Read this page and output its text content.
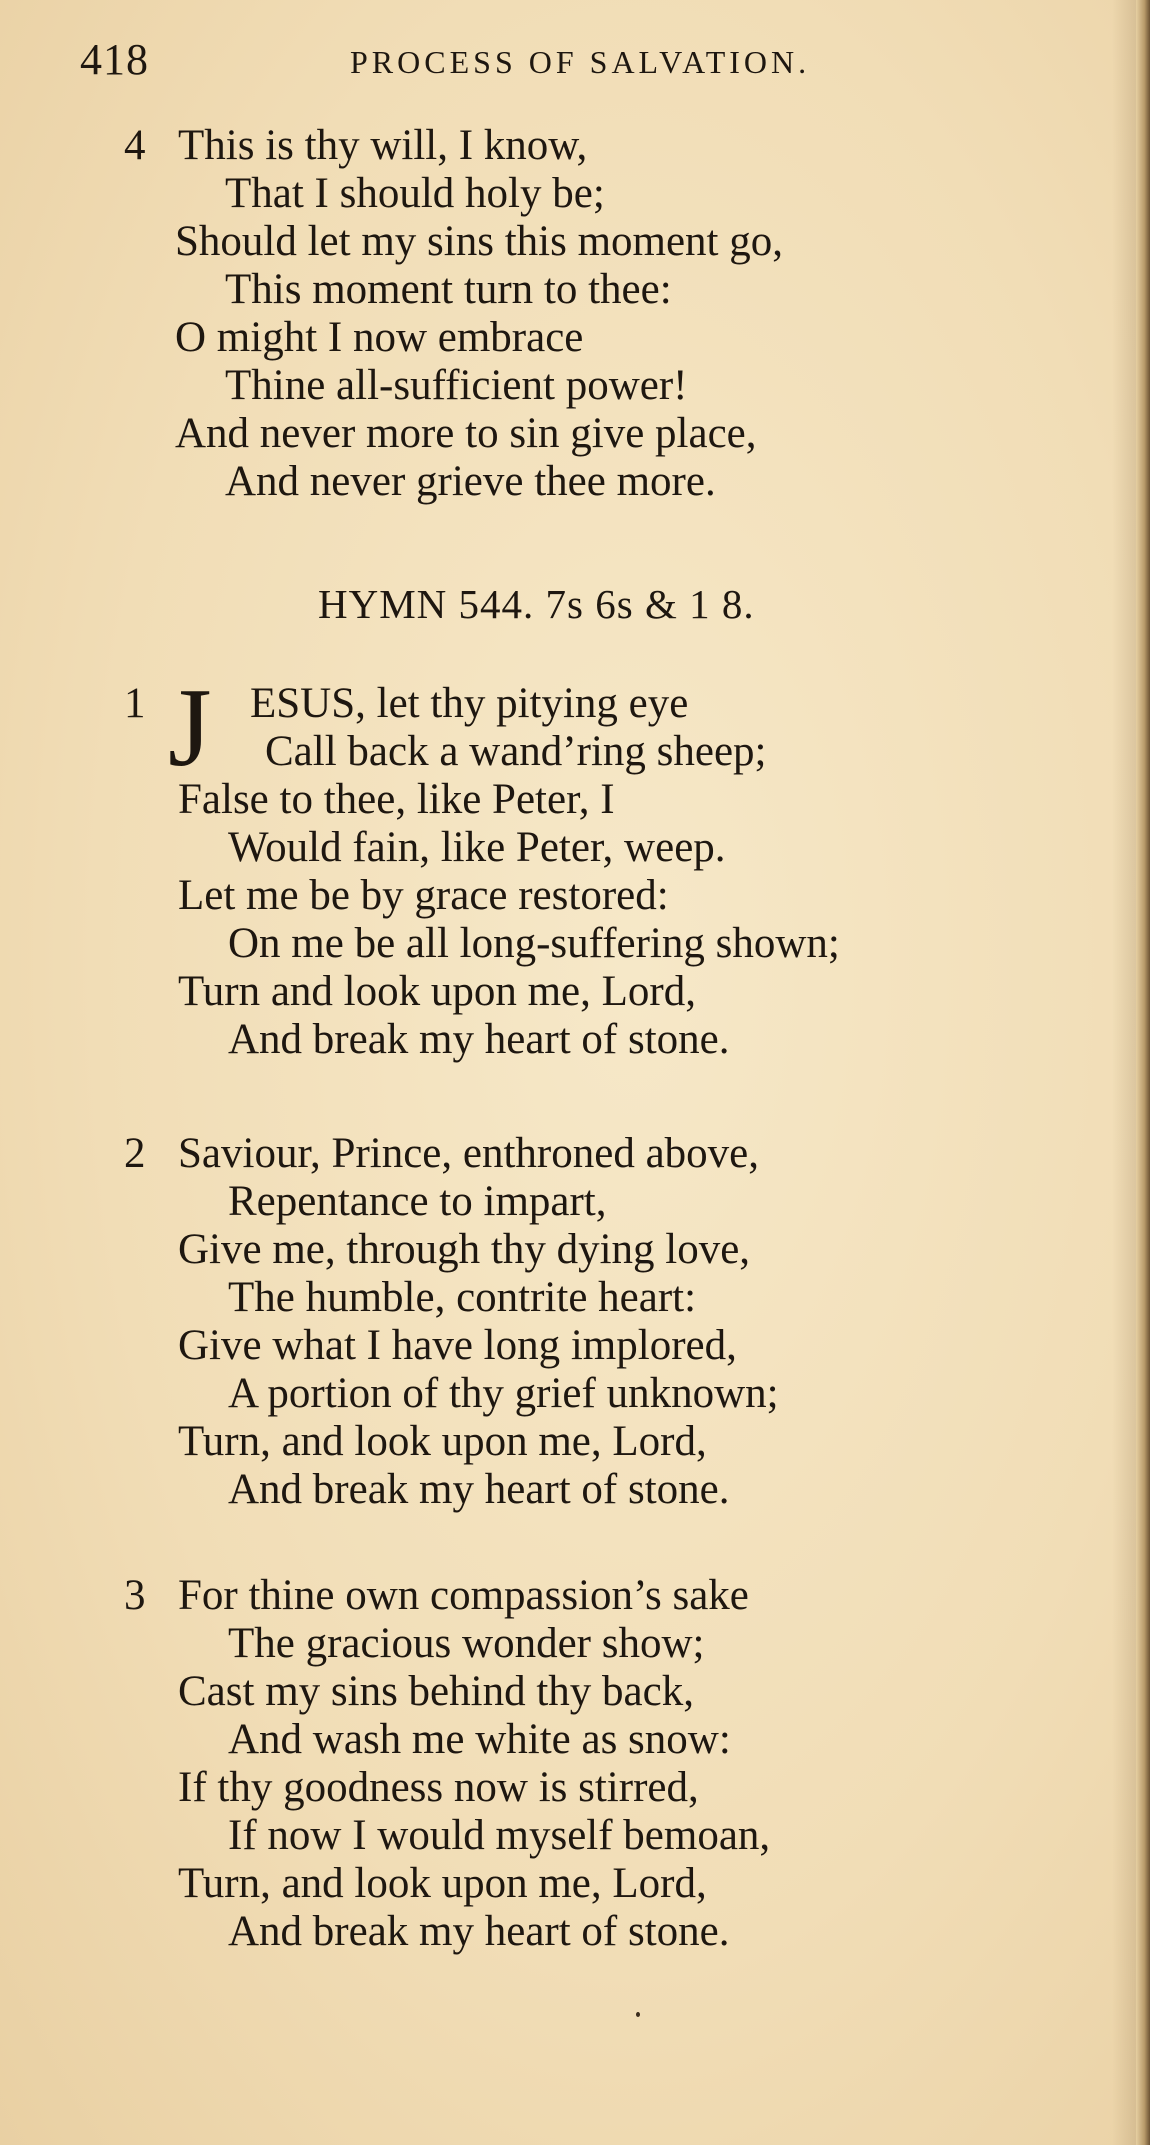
418	PROCESS OF SALVATION.
4 This is thy will, I know,
That I should holy be;
Should let my sins this moment go,
This moment turn to thee:
O might I now embrace
Thine all-sufficient power!
And never more to sin give place,
And never grieve thee more.
HYMN 544. 7s 6s & 1 8.
1 J ESUS, let thy pitying eye
Call back a wand’ring sheep;
False to thee, like Peter, I
Would fain, like Peter, weep.
Let me be by grace restored:
On me be all long-suffering shown;
Turn and look upon me, Lord,
And break my heart of stone.
2 Saviour, Prince, enthroned above,
Repentance to impart,
Give me, through thy dying love,
The humble, contrite heart:
Give what I have long implored,
A portion of thy grief unknown;
Turn, and look upon me, Lord,
And break my heart of stone.
3 For thine own compassion’s sake
The gracious wonder show;
Cast my sins behind thy back,
And wash me white as snow:
If thy goodness now is stirred,
If now I would myself bemoan,
Turn, and look upon me, Lord,
And break my heart of stone.
